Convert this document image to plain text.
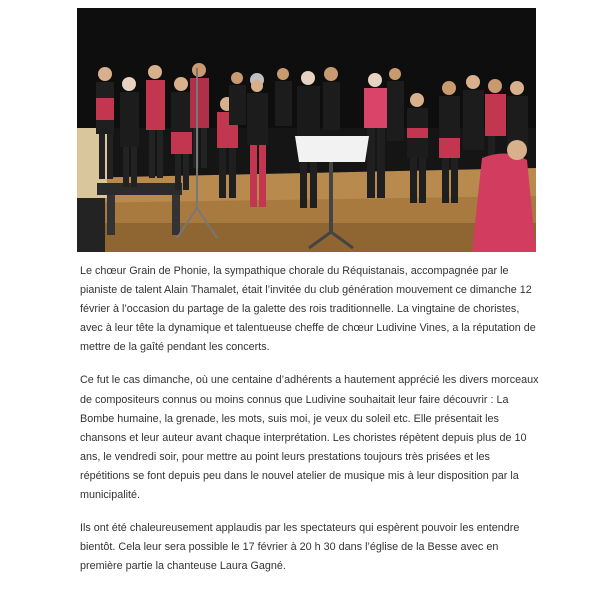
Le chœur Grain de Phonie, la sympathique chorale du Réquistanais, accompagnée par le pianiste de talent Alain Thamalet, était l’invitée du club génération mouvement ce dimanche 12 février à l’occasion du partage de la galette des rois traditionnelle. La vingtaine de choristes, avec à leur tête la dynamique et talentueuse cheffe de chœur Ludivine Vines, a la réputation de mettre de la gaîté pendant les concerts.

Ce fut le cas dimanche, où une centaine d’adhérents a hautement apprécié les divers morceaux de compositeurs connus ou moins connus que Ludivine souhaitait leur faire découvrir : La Bombe humaine, la grenade, les mots, suis moi, je veux du soleil etc. Elle présentait les chansons et leur auteur avant chaque interprétation. Les choristes répètent depuis plus de 10 ans, le vendredi soir, pour mettre au point leurs prestations toujours très prisées et les répétitions se font depuis peu dans le nouvel atelier de musique mis à leur disposition par la municipalité.

Ils ont été chaleureusement applaudis par les spectateurs qui espèrent pouvoir les entendre bientôt. Cela leur sera possible le 17 février à 20 h 30 dans l’église de la Besse avec en première partie la chanteuse Laura Gagné.
